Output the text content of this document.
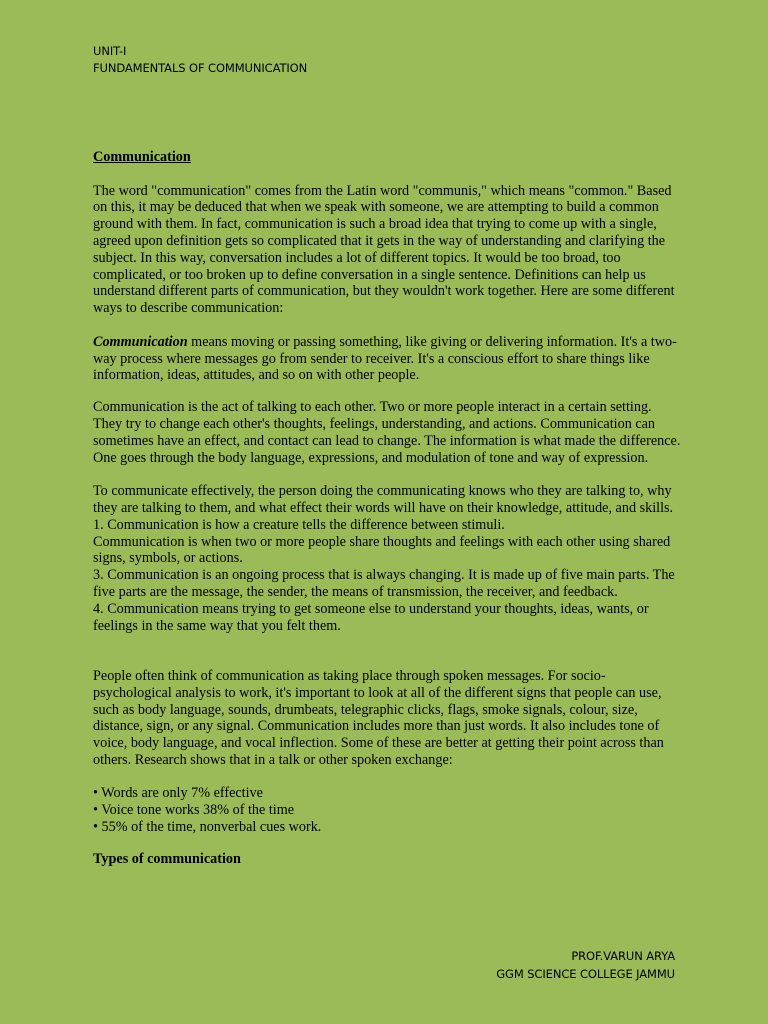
UNIT-I
FUNDAMENTALS OF COMMUNICATION

Communication

The word "communication" comes from the Latin word "communis," which means "common." Based on this, it may be deduced that when we speak with someone, we are attempting to build a common ground with them. In fact, communication is such a broad idea that trying to come up with a single, agreed upon definition gets so complicated that it gets in the way of understanding and clarifying the subject. In this way, conversation includes a lot of different topics. It would be too broad, too complicated, or too broken up to define conversation in a single sentence. Definitions can help us understand different parts of communication, but they wouldn't work together. Here are some different ways to describe communication:

Communication means moving or passing something, like giving or delivering information. It's a two-way process where messages go from sender to receiver. It's a conscious effort to share things like information, ideas, attitudes, and so on with other people.

Communication is the act of talking to each other. Two or more people interact in a certain setting. They try to change each other's thoughts, feelings, understanding, and actions. Communication can sometimes have an effect, and contact can lead to change. The information is what made the difference. One goes through the body language, expressions, and modulation of tone and way of expression.

To communicate effectively, the person doing the communicating knows who they are talking to, why they are talking to them, and what effect their words will have on their knowledge, attitude, and skills.

1. Communication is how a creature tells the difference between stimuli.

Communication is when two or more people share thoughts and feelings with each other using shared signs, symbols, or actions.

3. Communication is an ongoing process that is always changing. It is made up of five main parts. The five parts are the message, the sender, the means of transmission, the receiver, and feedback.

4. Communication means trying to get someone else to understand your thoughts, ideas, wants, or feelings in the same way that you felt them.

People often think of communication as taking place through spoken messages. For socio-psychological analysis to work, it's important to look at all of the different signs that people can use, such as body language, sounds, drumbeats, telegraphic clicks, flags, smoke signals, colour, size, distance, sign, or any signal. Communication includes more than just words. It also includes tone of voice, body language, and vocal inflection. Some of these are better at getting their point across than others. Research shows that in a talk or other spoken exchange:

• Words are only 7% effective

• Voice tone works 38% of the time

• 55% of the time, nonverbal cues work.

Types of communication

PROF.VARUN ARYA
GGM SCIENCE COLLEGE JAMMU
